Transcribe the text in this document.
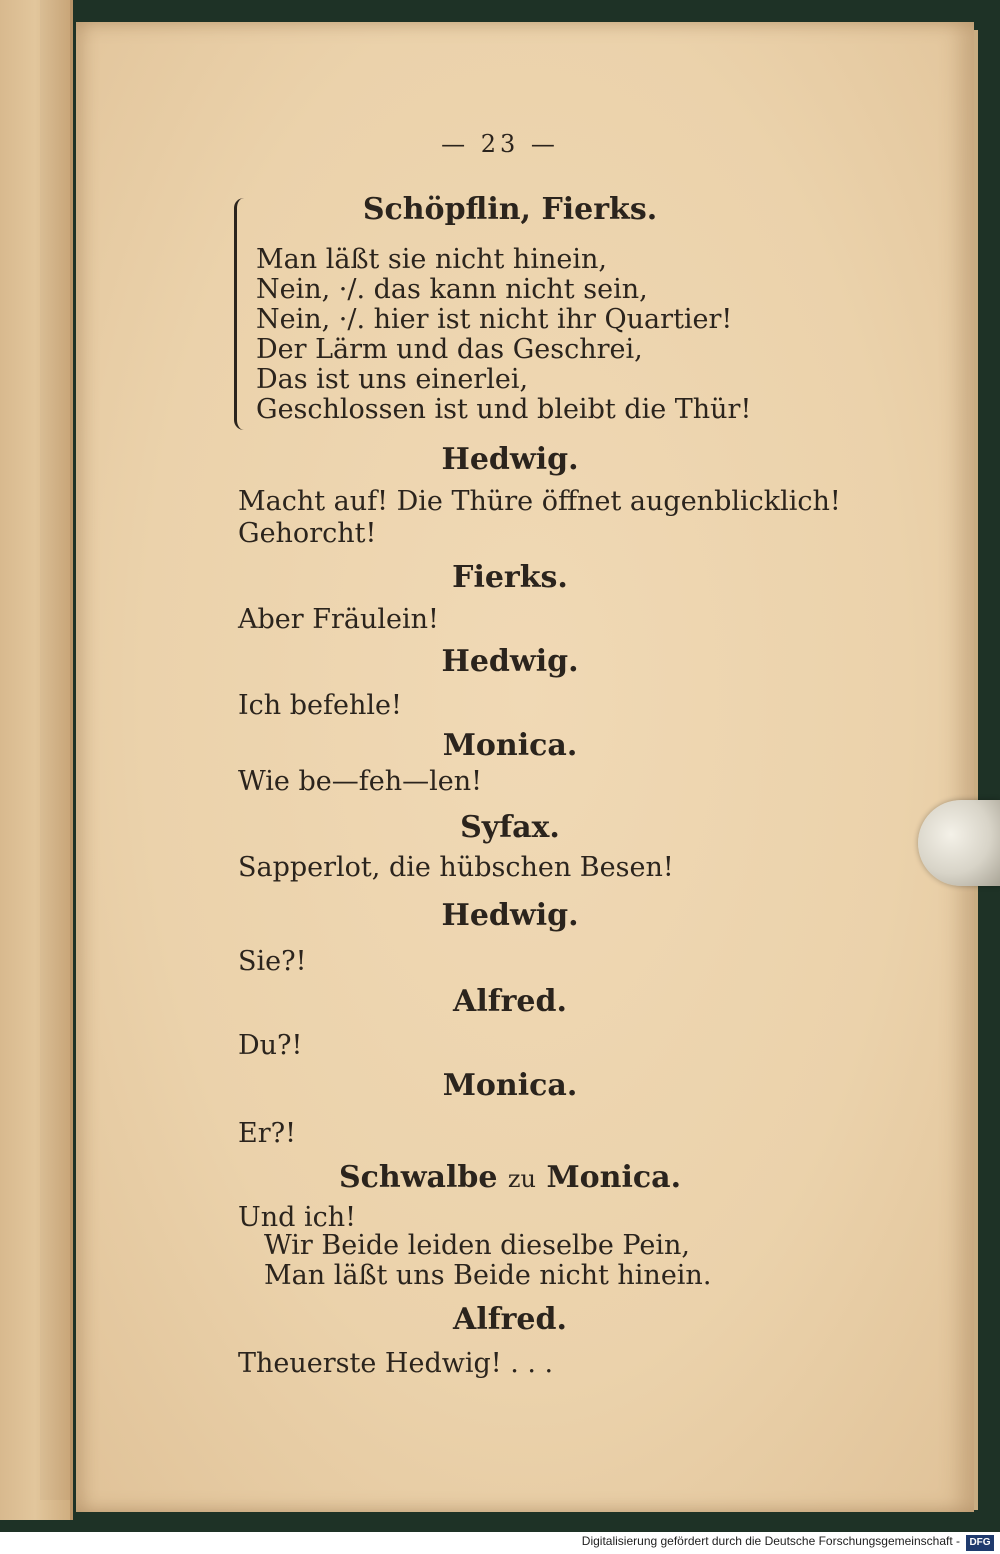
— 23 —
Schöpflin, Fierks.
Man läßt sie nicht hinein,
Nein, ·/. das kann nicht sein,
Nein, ·/. hier ist nicht ihr Quartier!
Der Lärm und das Geschrei,
Das ist uns einerlei,
Geschlossen ist und bleibt die Thür!
Hedwig.
Macht auf! Die Thüre öffnet augenblicklich!
Gehorcht!
Fierks.
Aber Fräulein!
Hedwig.
Ich befehle!
Monica.
Wie be—feh—len!
Syfax.
Sapperlot, die hübschen Besen!
Hedwig.
Sie?!
Alfred.
Du?!
Monica.
Er?!
Schwalbe zu Monica.
Und ich!
Wir Beide leiden dieselbe Pein,
Man läßt uns Beide nicht hinein.
Alfred.
Theuerste Hedwig! . . .
Digitalisierung gefördert durch die Deutsche Forschungsgemeinschaft - DFG
